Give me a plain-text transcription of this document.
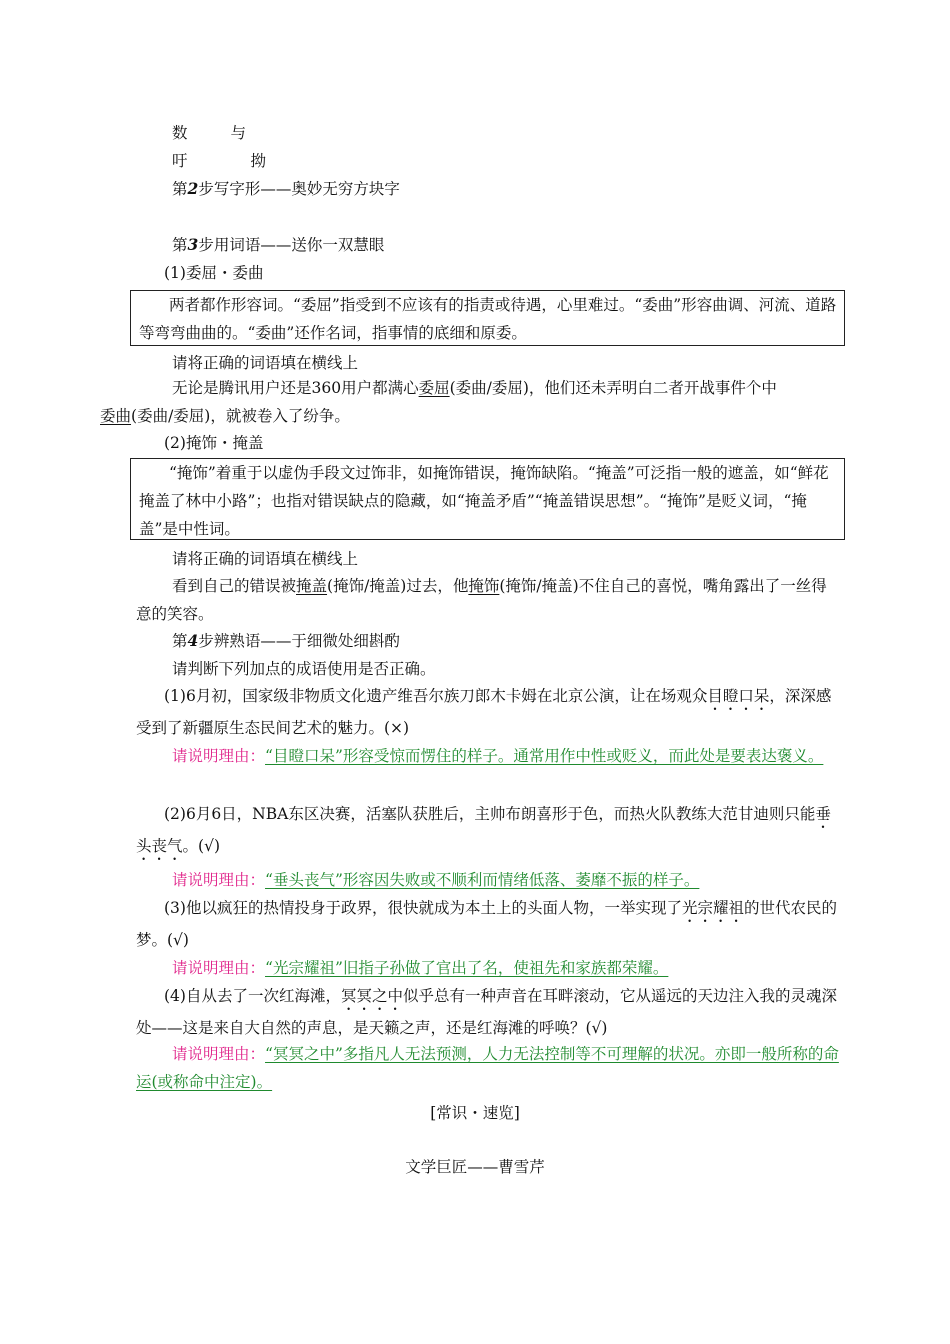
数	与
吁	拗
第2步写字形——奥妙无穷方块字
第3步用词语——送你一双慧眼
(1)委屈・委曲
两者都作形容词。“委屈”指受到不应该有的指责或待遇，心里难过。“委曲”形容曲调、河流、道路等弯弯曲曲的。“委曲”还作名词，指事情的底细和原委。
请将正确的词语填在横线上
无论是腾讯用户还是360用户都满心委屈(委曲/委屈)，他们还未弄明白二者开战事件个中
委曲(委曲/委屈)，就被卷入了纷争。
(2)掩饰・掩盖
“掩饰”着重于以虚伪手段文过饰非，如掩饰错误，掩饰缺陷。“掩盖”可泛指一般的遮盖，如“鲜花掩盖了林中小路”；也指对错误缺点的隐藏，如“掩盖矛盾”“掩盖错误思想”。“掩饰”是贬义词，“掩盖”是中性词。
请将正确的词语填在横线上
看到自己的错误被掩盖(掩饰/掩盖)过去，他掩饰(掩饰/掩盖)不住自己的喜悦，嘴角露出了一丝得意的笑容。
第4步辨熟语——于细微处细斟酌
请判断下列加点的成语使用是否正确。
(1)6月初，国家级非物质文化遗产维吾尔族刀郎木卡姆在北京公演，让在场观众目瞪口呆，深深感受到了新疆原生态民间艺术的魅力。(×)
请说明理由：“目瞪口呆”形容受惊而愣住的样子。通常用作中性或贬义，而此处是要表达褒义。
(2)6月6日，NBA东区决赛，活塞队获胜后，主帅布朗喜形于色，而热火队教练大范甘迪则只能垂头丧气。(√)
请说明理由：“垂头丧气”形容因失败或不顺利而情绪低落、萎靡不振的样子。
(3)他以疯狂的热情投身于政界，很快就成为本土上的头面人物，一举实现了光宗耀祖的世代农民的梦。(√)
请说明理由：“光宗耀祖”旧指子孙做了官出了名，使祖先和家族都荣耀。
(4)自从去了一次红海滩，冥冥之中似乎总有一种声音在耳畔滚动，它从遥远的天边注入我的灵魂深处——这是来自大自然的声息，是天籁之声，还是红海滩的呼唤？(√)
请说明理由：“冥冥之中”多指凡人无法预测，人力无法控制等不可理解的状况。亦即一般所称的命运(或称命中注定)。
[常识・速览]
文学巨匠——曹雪芹
